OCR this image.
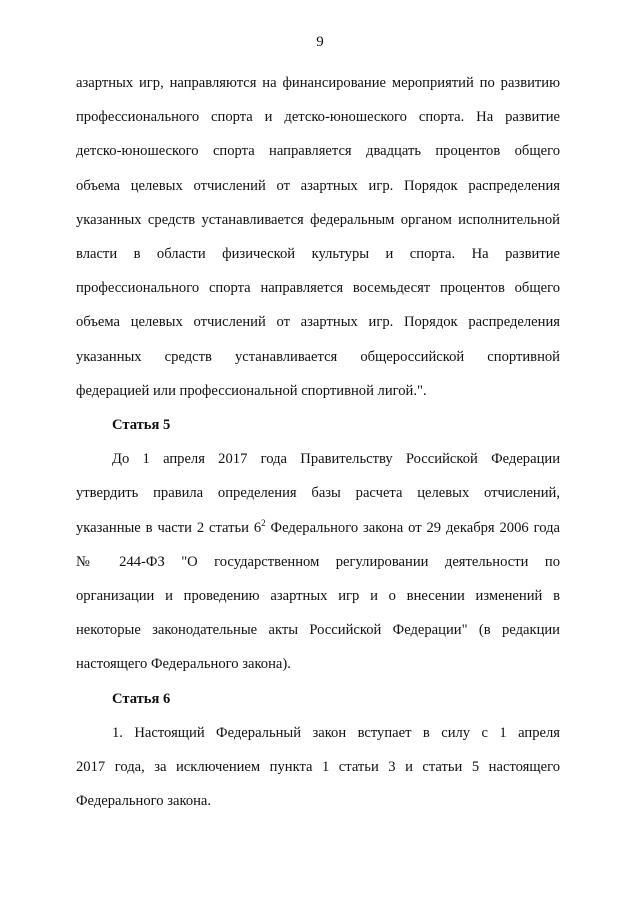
9

азартных игр, направляются на финансирование мероприятий по развитию

профессионального спорта и детско-юношеского спорта. На развитие

детско-юношеского спорта направляется двадцать процентов общего

объема целевых отчислений от азартных игр. Порядок распределения

указанных средств устанавливается федеральным органом исполнительной

власти в области физической культуры и спорта. На развитие

профессионального спорта направляется восемьдесят процентов общего

объема целевых отчислений от азартных игр. Порядок распределения

указанных средств устанавливается общероссийской спортивной

федерацией или профессиональной спортивной лигой.".

Статья 5

До 1 апреля 2017 года Правительству Российской Федерации

утвердить правила определения базы расчета целевых отчислений,

указанные в части 2 статьи $6^2$ Федерального закона от 29 декабря 2006 года

№ 244-ФЗ "О государственном регулировании деятельности по

организации и проведению азартных игр и о внесении изменений в

некоторые законодательные акты Российской Федерации" (в редакции

настоящего Федерального закона).

Статья 6

1. Настоящий Федеральный закон вступает в силу с 1 апреля

2017 года, за исключением пункта 1 статьи 3 и статьи 5 настоящего

Федерального закона.
